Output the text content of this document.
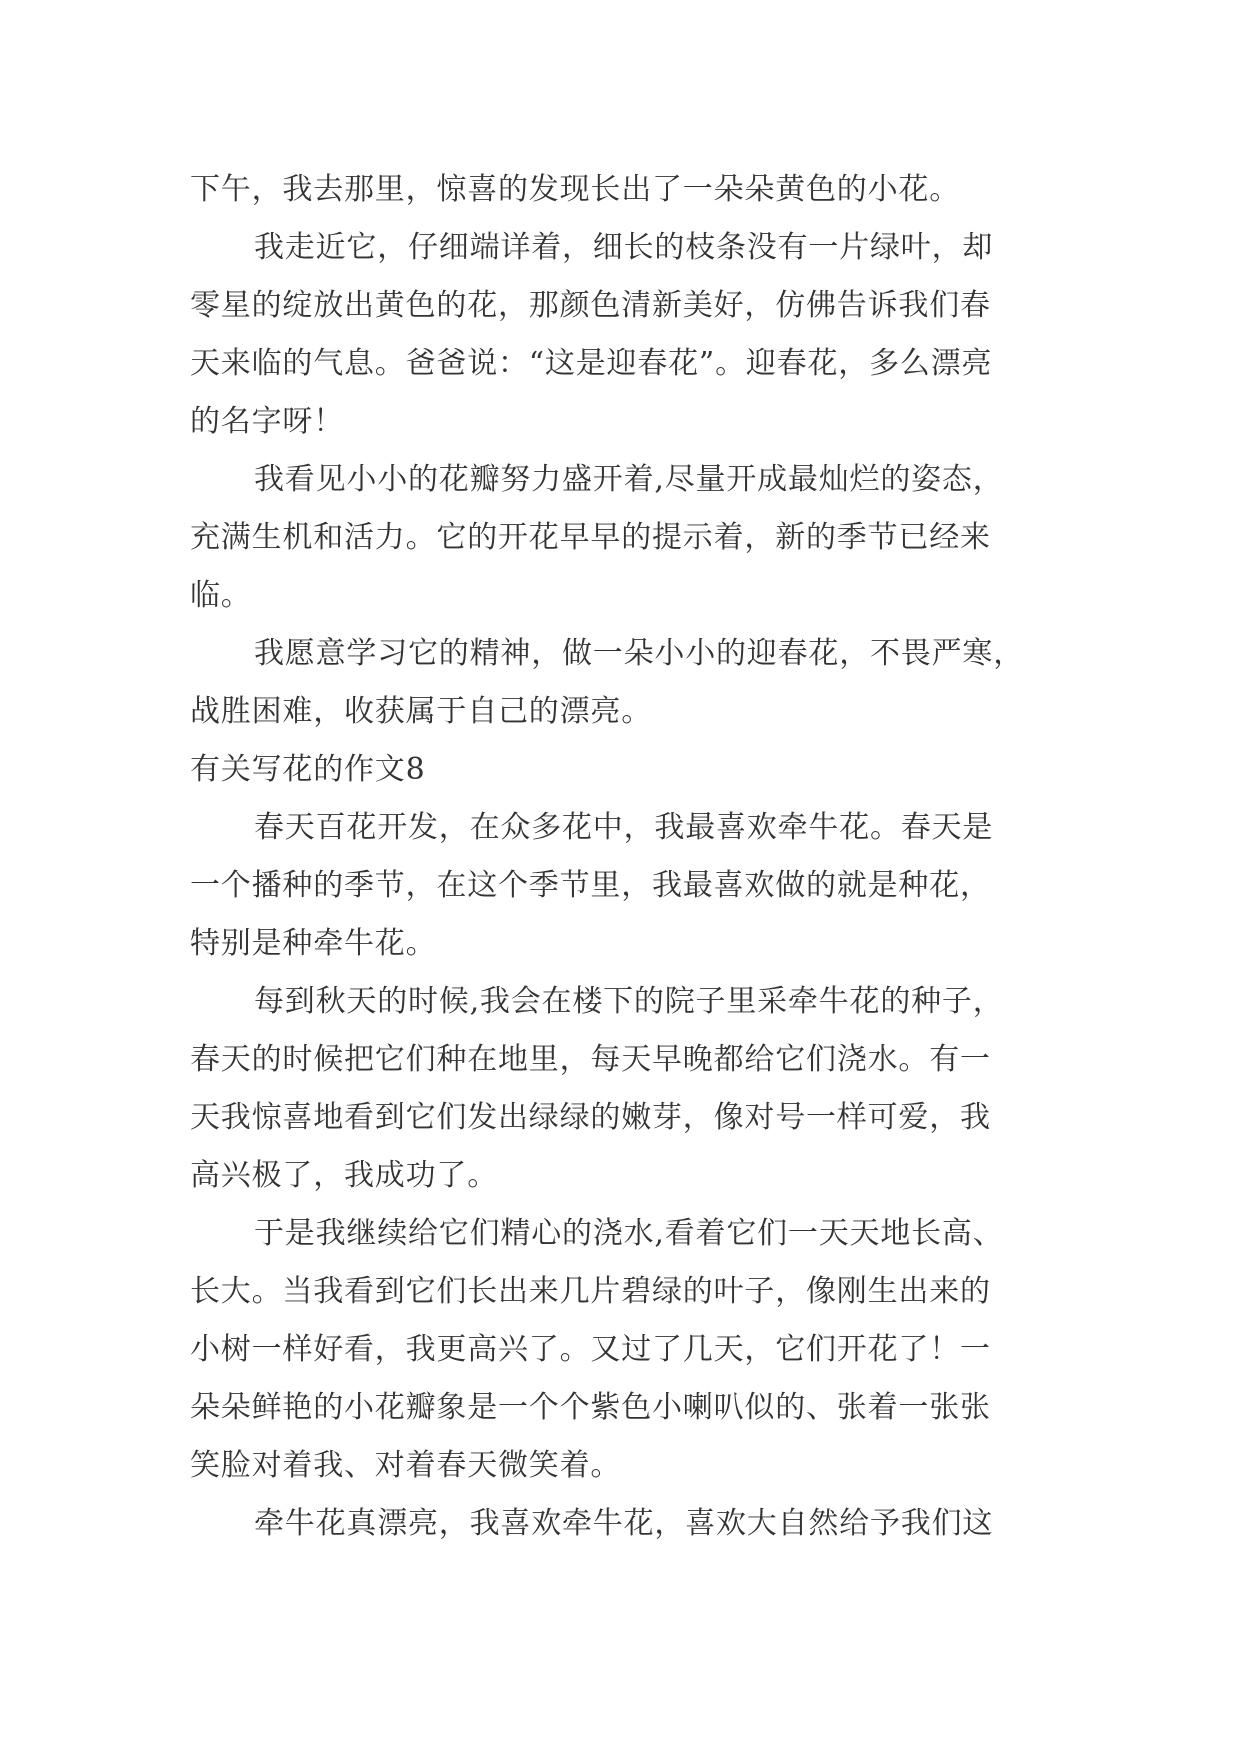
下午，我去那里，惊喜的发现长出了一朵朵黄色的小花。
我走近它，仔细端详着，细长的枝条没有一片绿叶，却
零星的绽放出黄色的花，那颜色清新美好，仿佛告诉我们春
天来临的气息。爸爸说：“这是迎春花”。迎春花，多么漂亮
的名字呀！
我看见小小的花瓣努力盛开着,尽量开成最灿烂的姿态，
充满生机和活力。它的开花早早的提示着，新的季节已经来
临。
我愿意学习它的精神，做一朵小小的迎春花，不畏严寒，
战胜困难，收获属于自己的漂亮。
有关写花的作文8
春天百花开发，在众多花中，我最喜欢牵牛花。春天是
一个播种的季节，在这个季节里，我最喜欢做的就是种花，
特别是种牵牛花。
每到秋天的时候,我会在楼下的院子里采牵牛花的种子，
春天的时候把它们种在地里，每天早晚都给它们浇水。有一
天我惊喜地看到它们发出绿绿的嫩芽，像对号一样可爱，我
高兴极了，我成功了。
于是我继续给它们精心的浇水,看着它们一天天地长高、
长大。当我看到它们长出来几片碧绿的叶子，像刚生出来的
小树一样好看，我更高兴了。又过了几天，它们开花了！一
朵朵鲜艳的小花瓣象是一个个紫色小喇叭似的、张着一张张
笑脸对着我、对着春天微笑着。
牵牛花真漂亮，我喜欢牵牛花，喜欢大自然给予我们这
